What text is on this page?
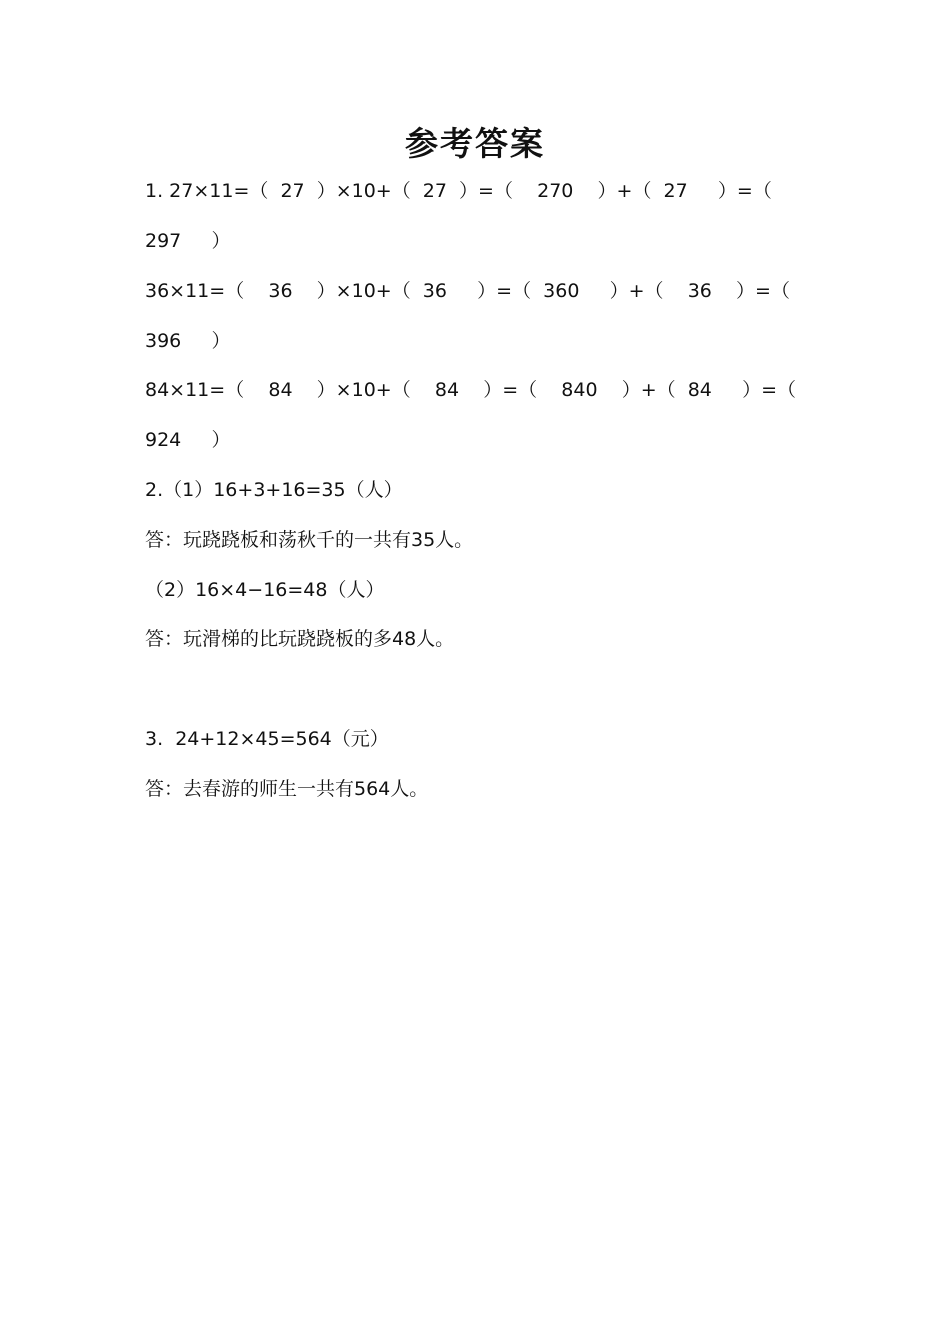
参考答案
1. 27×11=（  27  ）×10+（  27  ）=（    270    ）+（  27     ）=（
297     ）
36×11=（    36    ）×10+（  36     ）=（  360     ）+（    36    ）=（
396     ）
84×11=（    84    ）×10+（    84    ）=（    840    ）+（  84     ）=（
924     ）
2.（1）16+3+16=35（人）
答：玩跷跷板和荡秋千的一共有35人。
（2）16×4−16=48（人）
答：玩滑梯的比玩跷跷板的多48人。
3.  24+12×45=564（元）
答：去春游的师生一共有564人。
